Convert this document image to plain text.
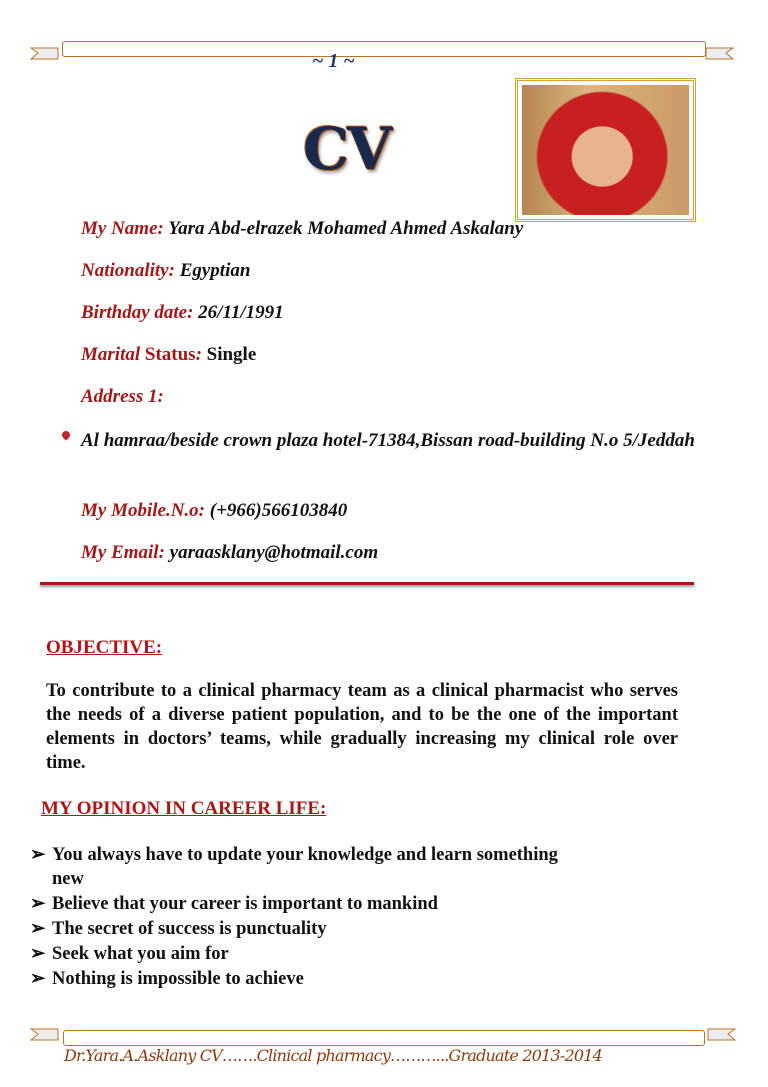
~ 1 ~
CV
My Name: Yara Abd-elrazek Mohamed Ahmed Askalany
Nationality: Egyptian
Birthday date: 26/11/1991
Marital Status: Single
Address 1:
Al hamraa/beside crown plaza hotel-71384,Bissan road-building N.o 5/Jeddah
My Mobile.N.o: (+966)566103840
My Email: yaraasklany@hotmail.com
OBJECTIVE:
To contribute to a clinical pharmacy team as a clinical pharmacist who serves the needs of a diverse patient population, and to be the one of the important elements in doctors’ teams, while gradually increasing my clinical role over time.
MY OPINION IN CAREER LIFE:
➢ You always have to update your knowledge and learn something
new
➢ Believe that your career is important to mankind
➢ The secret of success is punctuality
➢ Seek what you aim for
➢ Nothing is impossible to achieve
Dr.Yara.A.Asklany CV…….Clinical pharmacy………...Graduate 2013-2014
